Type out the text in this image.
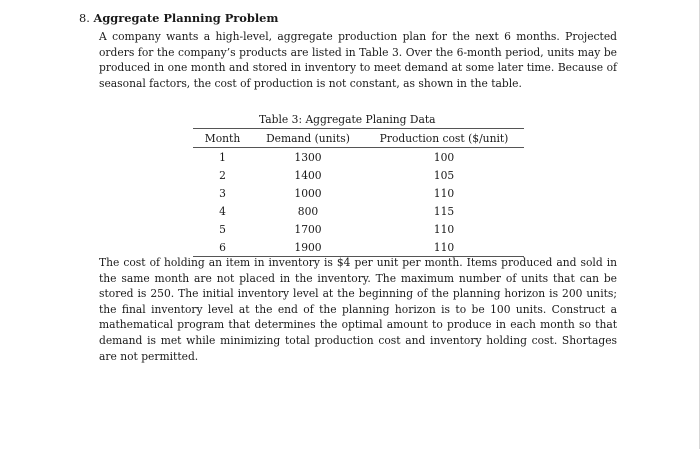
8. Aggregate Planning Problem

A company wants a high-level, aggregate production plan for the next 6 months. Projected orders for the company’s products are listed in Table 3. Over the 6-month period, units may be produced in one month and stored in inventory to meet demand at some later time. Because of seasonal factors, the cost of production is not constant, as shown in the table.

Table 3: Aggregate Planing Data
Month	Demand (units)	Production cost ($/unit)
1	1300	100
2	1400	105
3	1000	110
4	800	115
5	1700	110
6	1900	110

The cost of holding an item in inventory is $4 per unit per month. Items produced and sold in the same month are not placed in the inventory. The maximum number of units that can be stored is 250. The initial inventory level at the beginning of the planning horizon is 200 units; the final inventory level at the end of the planning horizon is to be 100 units. Construct a mathematical program that determines the optimal amount to produce in each month so that demand is met while minimizing total production cost and inventory holding cost. Shortages are not permitted.
